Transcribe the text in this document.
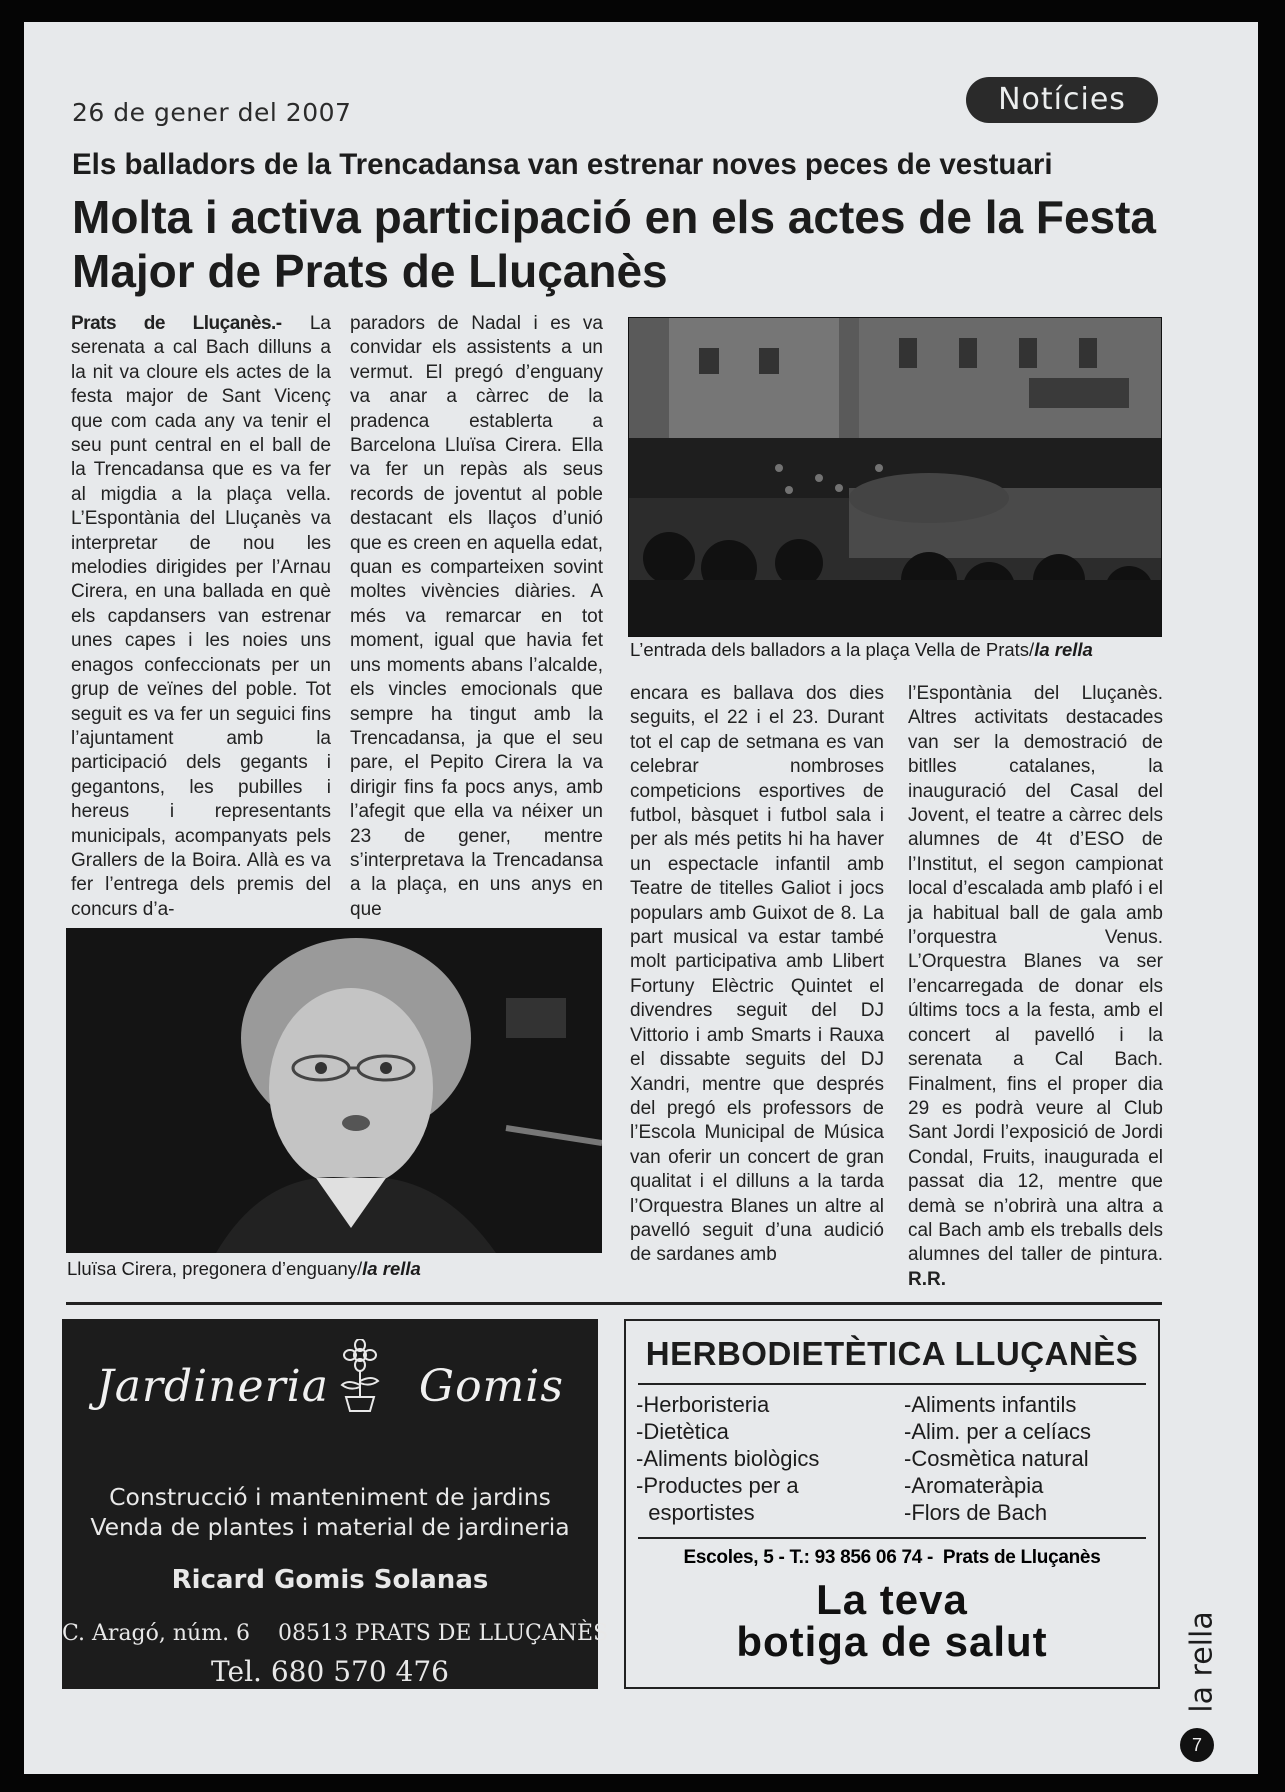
26 de gener del 2007	Notícies
Els balladors de la Trencadansa van estrenar noves peces de vestuari
Molta i activa participació en els actes de la Festa Major de Prats de Lluçanès

Prats de Lluçanès.- La serenata a cal Bach dilluns a la nit va cloure els actes de la festa major de Sant Vicenç que com cada any va tenir el seu punt central en el ball de la Trencadansa que es va fer al migdia a la plaça vella. L’Espontània del Lluçanès va interpretar de nou les melodies dirigides per l’Arnau Cirera, en una ballada en què els capdansers van estrenar unes capes i les noies uns enagos confeccionats per un grup de veïnes del poble. Tot seguit es va fer un seguici fins l’ajuntament amb la participació dels gegants i gegantons, les pubilles i hereus i representants municipals, acompanyats pels Grallers de la Boira. Allà es va fer l’entrega dels premis del concurs d’a-

paradors de Nadal i es va convidar els assistents a un vermut. El pregó d’enguany va anar a càrrec de la pradenca establerta a Barcelona Lluïsa Cirera. Ella va fer un repàs als seus records de joventut al poble destacant els llaços d’unió que es creen en aquella edat, quan es comparteixen sovint moltes vivències diàries. A més va remarcar en tot moment, igual que havia fet uns moments abans l’alcalde, els vincles emocionals que sempre ha tingut amb la Trencadansa, ja que el seu pare, el Pepito Cirera la va dirigir fins fa pocs anys, amb l’afegit que ella va néixer un 23 de gener, mentre s’interpretava la Trencadansa a la plaça, en uns anys en que

L’entrada dels balladors a la plaça Vella de Prats/la rella

encara es ballava dos dies seguits, el 22 i el 23. Durant tot el cap de setmana es van celebrar nombroses competicions esportives de futbol, bàsquet i futbol sala i per als més petits hi ha haver un espectacle infantil amb Teatre de titelles Galiot i jocs populars amb Guixot de 8. La part musical va estar també molt participativa amb Llibert Fortuny Elèctric Quintet el divendres seguit del DJ Vittorio i amb Smarts i Rauxa el dissabte seguits del DJ Xandri, mentre que després del pregó els professors de l’Escola Municipal de Música van oferir un concert de gran qualitat i el dilluns a la tarda l’Orquestra Blanes un altre al pavelló seguit d’una audició de sardanes amb

l’Espontània del Lluçanès. Altres activitats destacades van ser la demostració de bitlles catalanes, la inauguració del Casal del Jovent, el teatre a càrrec dels alumnes de 4t d’ESO de l’Institut, el segon campionat local d’escalada amb plafó i el ja habitual ball de gala amb l’orquestra Venus. L’Orquestra Blanes va ser l’encarregada de donar els últims tocs a la festa, amb el concert al pavelló i la serenata a Cal Bach. Finalment, fins el proper dia 29 es podrà veure al Club Sant Jordi l’exposició de Jordi Condal, Fruits, inaugurada el passat dia 12, mentre que demà se n’obrirà una altra a cal Bach amb els treballs dels alumnes del taller de pintura. R.R.

Lluïsa Cirera, pregonera d’enguany/la rella
Jardineria Gomis
Construcció i manteniment de jardins
Venda de plantes i material de jardineria
Ricard Gomis Solanas
C. Aragó, núm. 6    08513 PRATS DE LLUÇANÈS
Tel. 680 570 476
HERBODIETÈTICA LLUÇANÈS
-Herboristeria
-Dietètica
-Aliments biològics
-Productes per a
esportistes
-Aliments infantils
-Alim. per a celíacs
-Cosmètica natural
-Aromateràpia
-Flors de Bach
Escoles, 5 - T.: 93 856 06 74 -  Prats de Lluçanès
La teva
botiga de salut	la rella
7
